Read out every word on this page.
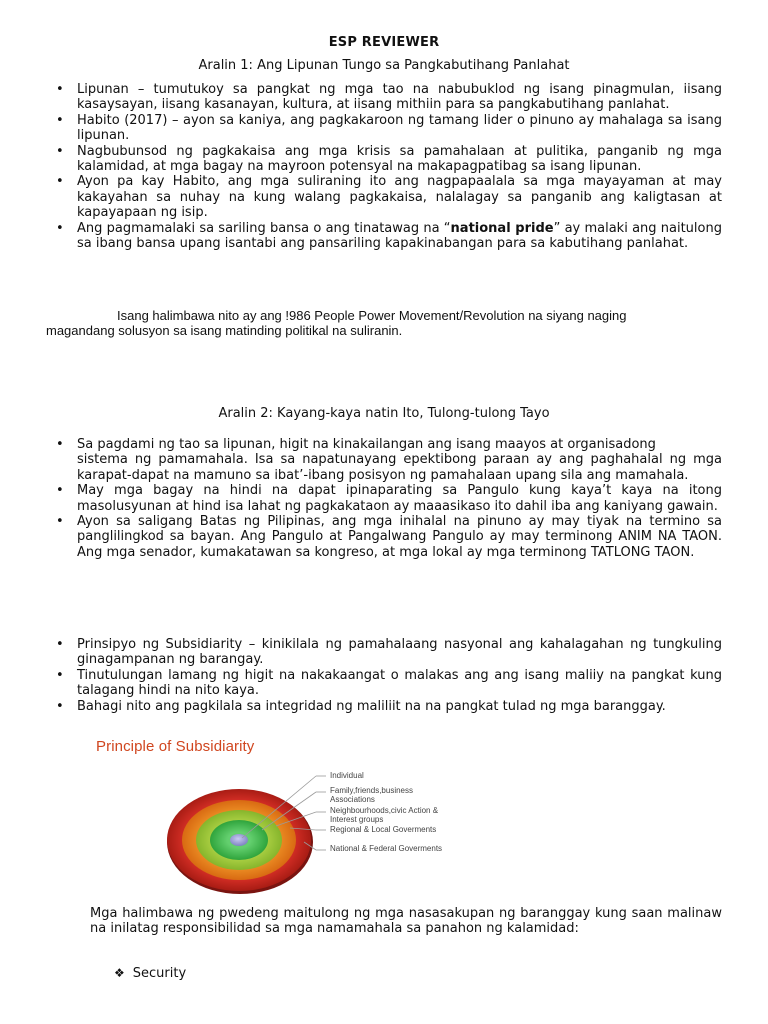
ESP REVIEWER
Aralin 1: Ang Lipunan Tungo sa Pangkabutihang Panlahat
• Lipunan – tumutukoy sa pangkat ng mga tao na nabubuklod ng isang pinagmulan, iisang kasaysayan, iisang kasanayan, kultura, at iisang mithiin para sa pangkabutihang panlahat.
• Habito (2017) – ayon sa kaniya, ang pagkakaroon ng tamang lider o pinuno ay mahalaga sa isang lipunan.
• Nagbubunsod ng pagkakaisa ang mga krisis sa pamahalaan at pulitika, panganib ng mga kalamidad, at mga bagay na mayroon potensyal na makapagpatibag sa isang lipunan.
• Ayon pa kay Habito, ang mga suliraning ito ang nagpapaalala sa mga mayayaman at may kakayahan sa nuhay na kung walang pagkakaisa, nalalagay sa panganib ang kaligtasan at kapayapaan ng isip.
• Ang pagmamalaki sa sariling bansa o ang tinatawag na “national pride” ay malaki ang naitulong sa ibang bansa upang isantabi ang pansariling kapakinabangan para sa kabutihang panlahat.
Isang halimbawa nito ay ang !986 People Power Movement/Revolution na siyang naging
magandang solusyon sa isang matinding politikal na suliranin.
Aralin 2: Kayang-kaya natin Ito, Tulong-tulong Tayo
• Sa pagdami ng tao sa lipunan, higit na kinakailangan ang isang maayos at organisadong
sistema ng pamamahala. Isa sa napatunayang epektibong paraan ay ang paghahalal ng mga karapat-dapat na mamuno sa ibat’-ibang posisyon ng pamahalaan upang sila ang mamahala.
• May mga bagay na hindi na dapat ipinaparating sa Pangulo kung kaya’t kaya na itong masolusyunan at hind isa lahat ng pagkakataon ay maaasikaso ito dahil iba ang kaniyang gawain.
• Ayon sa saligang Batas ng Pilipinas, ang mga inihalal na pinuno ay may tiyak na termino sa panglilingkod sa bayan. Ang Pangulo at Pangalwang Pangulo ay may terminong ANIM NA TAON. Ang mga senador, kumakatawan sa kongreso, at mga lokal ay mga terminong TATLONG TAON.
• Prinsipyo ng Subsidiarity – kinikilala ng pamahalaang nasyonal ang kahalagahan ng tungkuling ginagampanan ng barangay.
• Tinutulungan lamang ng higit na nakakaangat o malakas ang ang isang maliiy na pangkat kung talagang hindi na nito kaya.
• Bahagi nito ang pagkilala sa integridad ng maliliit na na pangkat tulad ng mga baranggay.
Principle of Subsidiarity
Individual
Family,friends,business Associations
Neighbourhoods,civic Action & Interest groups
Regional & Local Goverments
National & Federal Goverments
Mga halimbawa ng pwedeng maitulong ng mga nasasakupan ng baranggay kung saan malinaw na inilatag responsibilidad sa mga namamahala sa panahon ng kalamidad:
❖ Security
